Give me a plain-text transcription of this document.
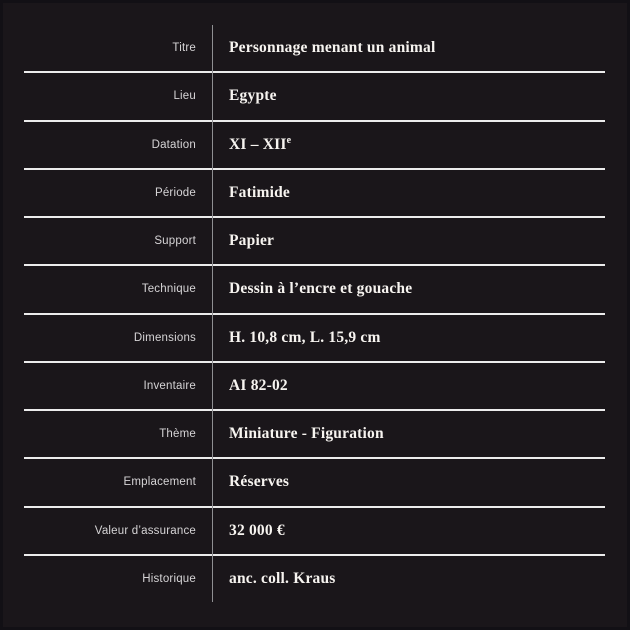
Titre	Personnage menant un animal
Lieu	Egypte
Datation	XI – XIIe
Période	Fatimide
Support	Papier
Technique	Dessin à l’encre et gouache
Dimensions	H. 10,8 cm, L. 15,9 cm
Inventaire	AI 82-02
Thème	Miniature - Figuration
Emplacement	Réserves
Valeur d’assurance	32 000 €
Historique	anc. coll. Kraus
